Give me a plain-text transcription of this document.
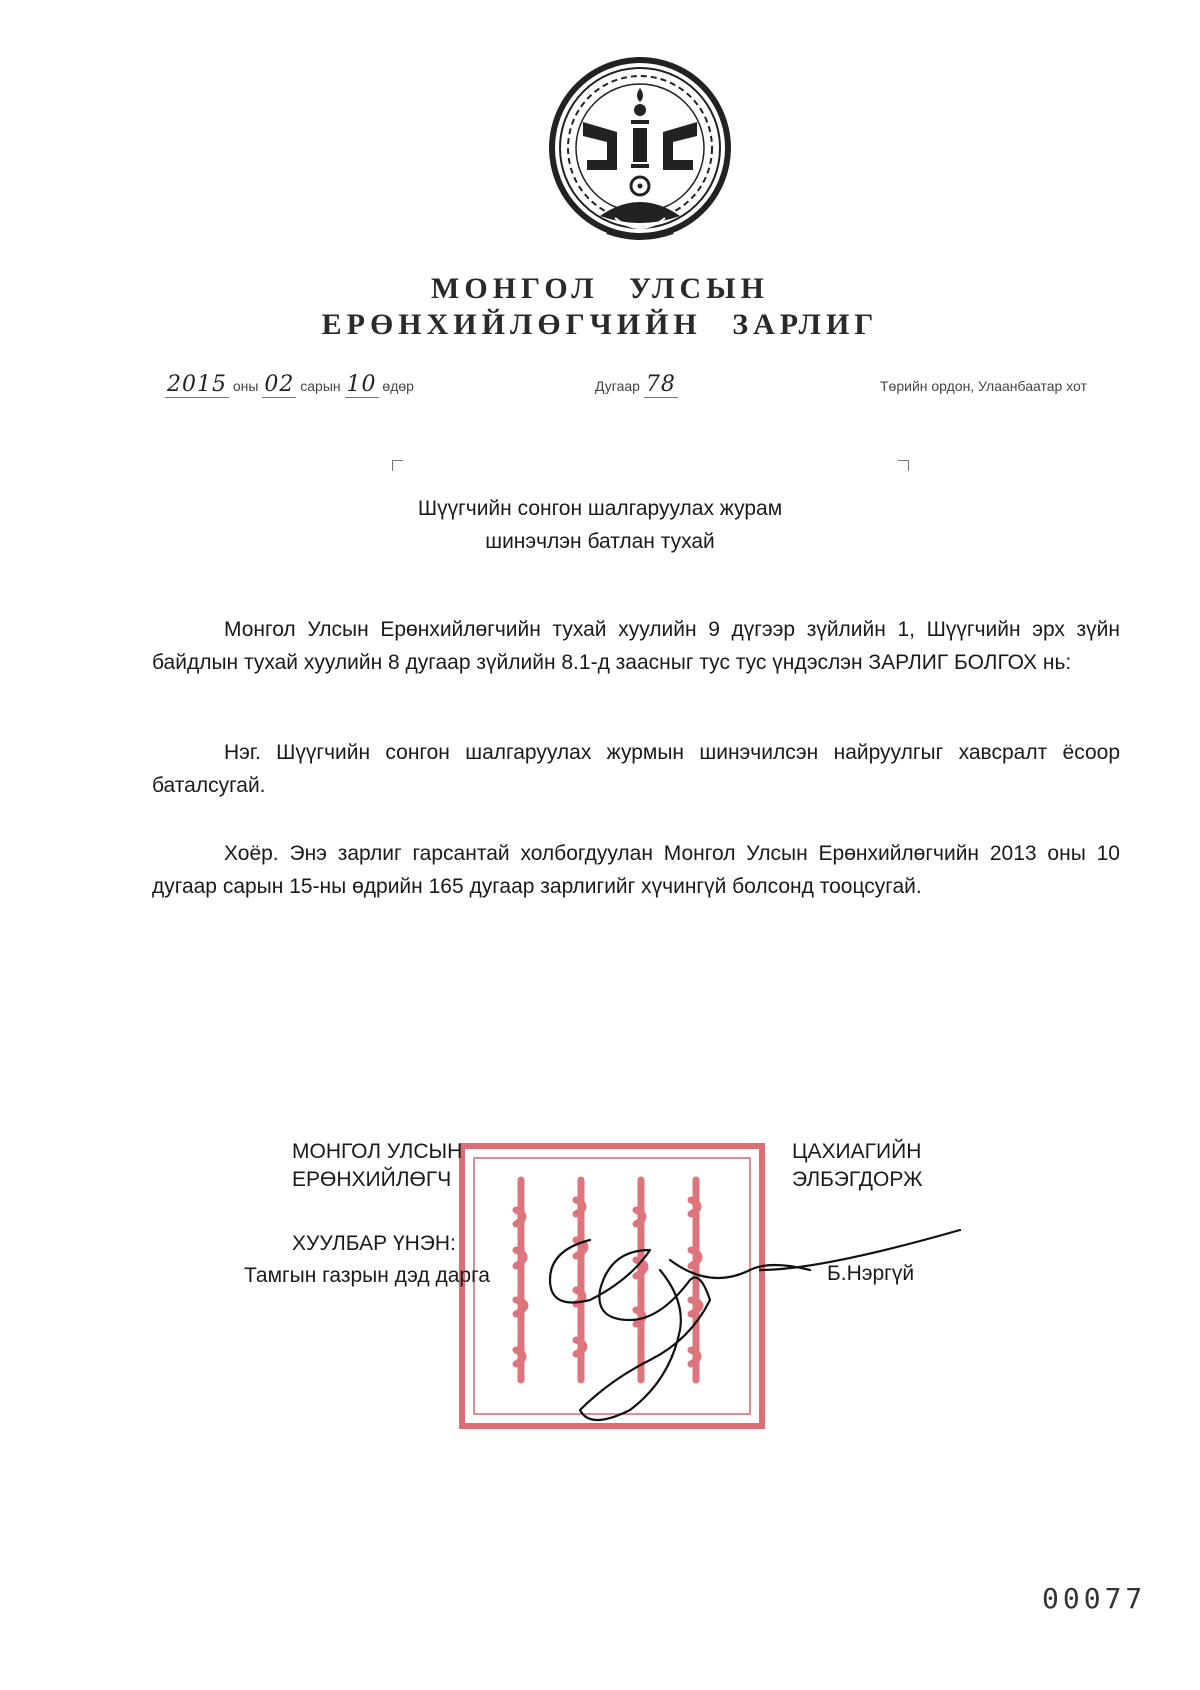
МОНГОЛ УЛСЫН
ЕРӨНХИЙЛӨГЧИЙН ЗАРЛИГ
2015 оны 02 сарын 10 өдөр	Дугаар 78	Төрийн ордон, Улаанбаатар хот
Шүүгчийн сонгон шалгаруулах журам
шинэчлэн батлан тухай
Монгол Улсын Ерөнхийлөгчийн тухай хуулийн 9 дүгээр зүйлийн 1, Шүүгчийн эрх зүйн байдлын тухай хуулийн 8 дугаар зүйлийн 8.1-д заасныг тус тус үндэслэн ЗАРЛИГ БОЛГОХ нь:
Нэг. Шүүгчийн сонгон шалгаруулах журмын шинэчилсэн найруулгыг хавсралт ёсоор баталсугай.
Хоёр. Энэ зарлиг гарсантай холбогдуулан Монгол Улсын Ерөнхийлөгчийн 2013 оны 10 дугаар сарын 15-ны өдрийн 165 дугаар зарлигийг хүчингүй болсонд тооцсугай.
МОНГОЛ УЛСЫН
ЕРӨНХИЙЛӨГЧ
ЦАХИАГИЙН
ЭЛБЭГДОРЖ
ХУУЛБАР ҮНЭН:
Тамгын газрын дэд дарга	Б.Нэргүй
00077
